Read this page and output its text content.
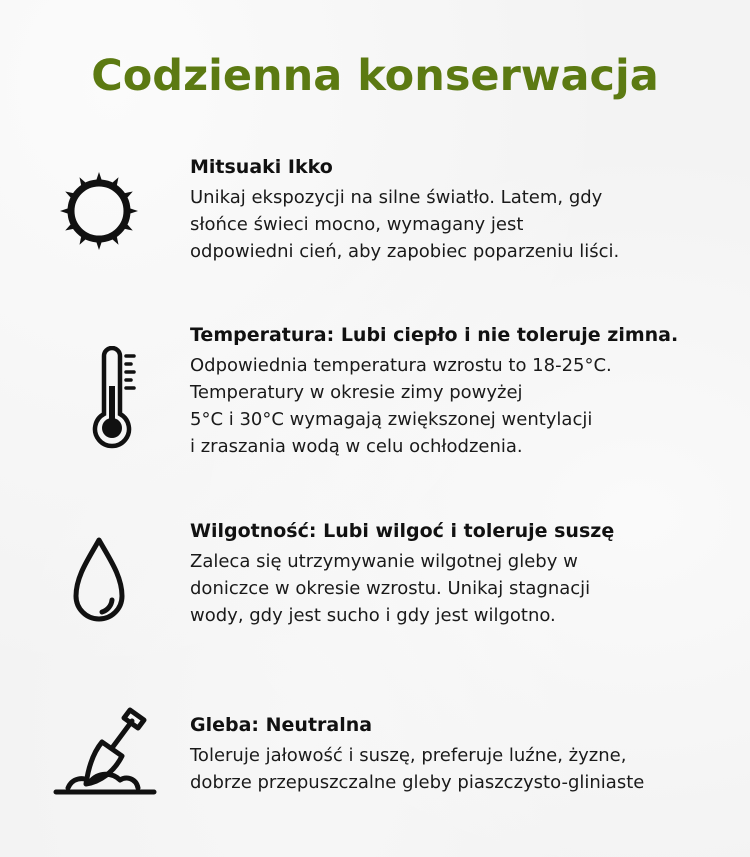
Codzienna konserwacja
Mitsuaki Ikko

Unikaj ekspozycji na silne światło. Latem, gdy
słońce świeci mocno, wymagany jest
odpowiedni cień, aby zapobiec poparzeniu liści.

Temperatura: Lubi ciepło i nie toleruje zimna.

Odpowiednia temperatura wzrostu to 18-25°C.
Temperatury w okresie zimy powyżej
5°C i 30°C wymagają zwiększonej wentylacji
i zraszania wodą w celu ochłodzenia.

Wilgotność: Lubi wilgoć i toleruje suszę

Zaleca się utrzymywanie wilgotnej gleby w
doniczce w okresie wzrostu. Unikaj stagnacji
wody, gdy jest sucho i gdy jest wilgotno.

Gleba: Neutralna

Toleruje jałowość i suszę, preferuje luźne, żyzne,
dobrze przepuszczalne gleby piaszczysto-gliniaste
